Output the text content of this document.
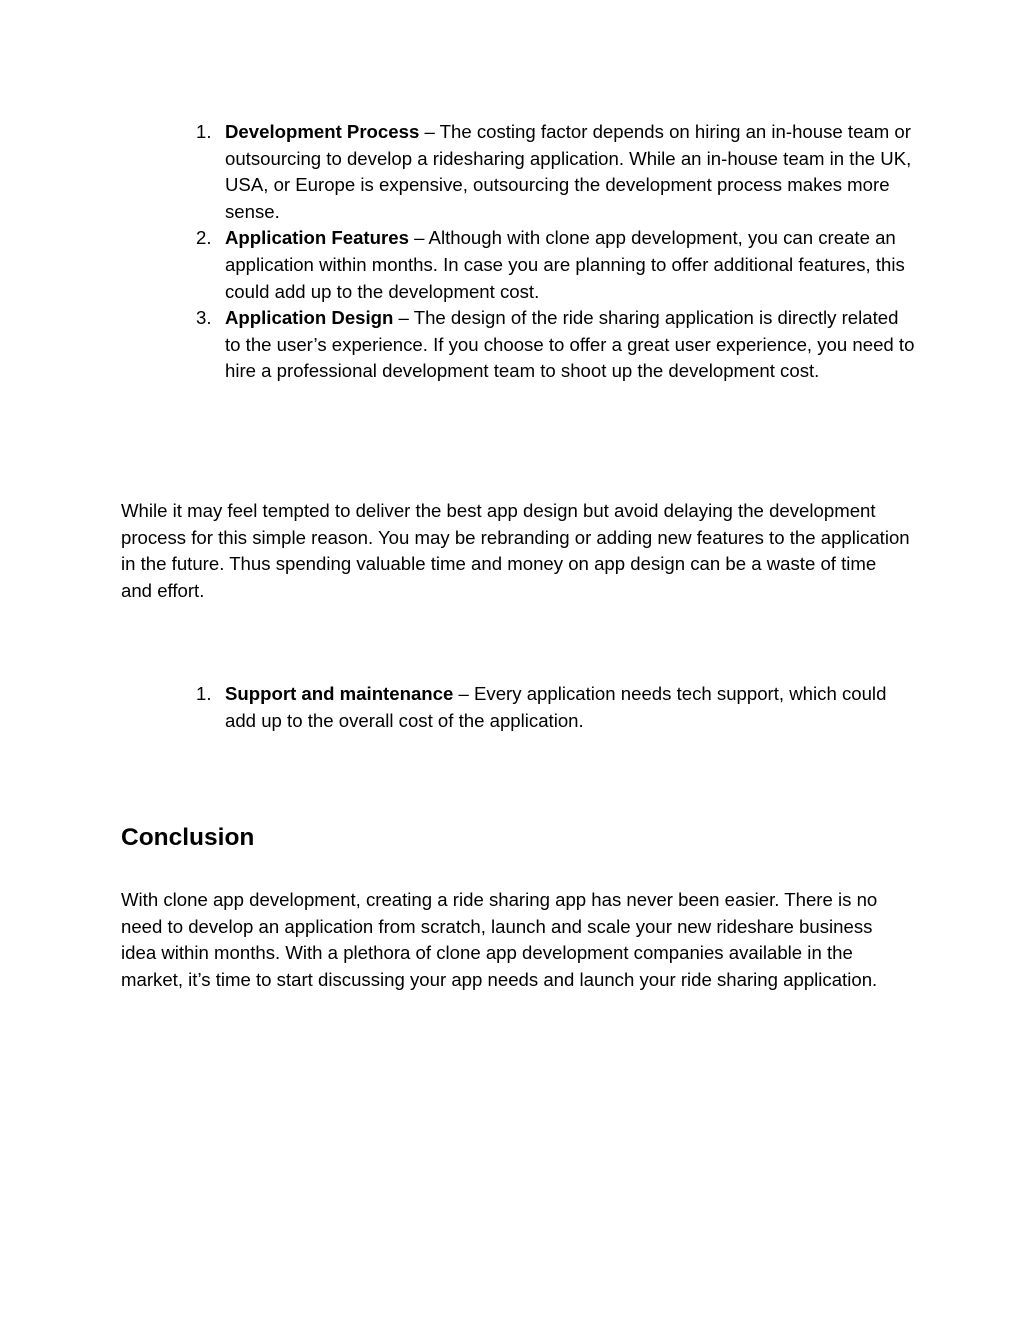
1. Development Process – The costing factor depends on hiring an in-house team or outsourcing to develop a ridesharing application. While an in-house team in the UK, USA, or Europe is expensive, outsourcing the development process makes more sense.
2. Application Features – Although with clone app development, you can create an application within months. In case you are planning to offer additional features, this could add up to the development cost.
3. Application Design – The design of the ride sharing application is directly related to the user’s experience. If you choose to offer a great user experience, you need to hire a professional development team to shoot up the development cost.

While it may feel tempted to deliver the best app design but avoid delaying the development process for this simple reason. You may be rebranding or adding new features to the application in the future. Thus spending valuable time and money on app design can be a waste of time and effort.

1. Support and maintenance – Every application needs tech support, which could add up to the overall cost of the application.
Conclusion

With clone app development, creating a ride sharing app has never been easier. There is no need to develop an application from scratch, launch and scale your new rideshare business idea within months. With a plethora of clone app development companies available in the market, it’s time to start discussing your app needs and launch your ride sharing application.
